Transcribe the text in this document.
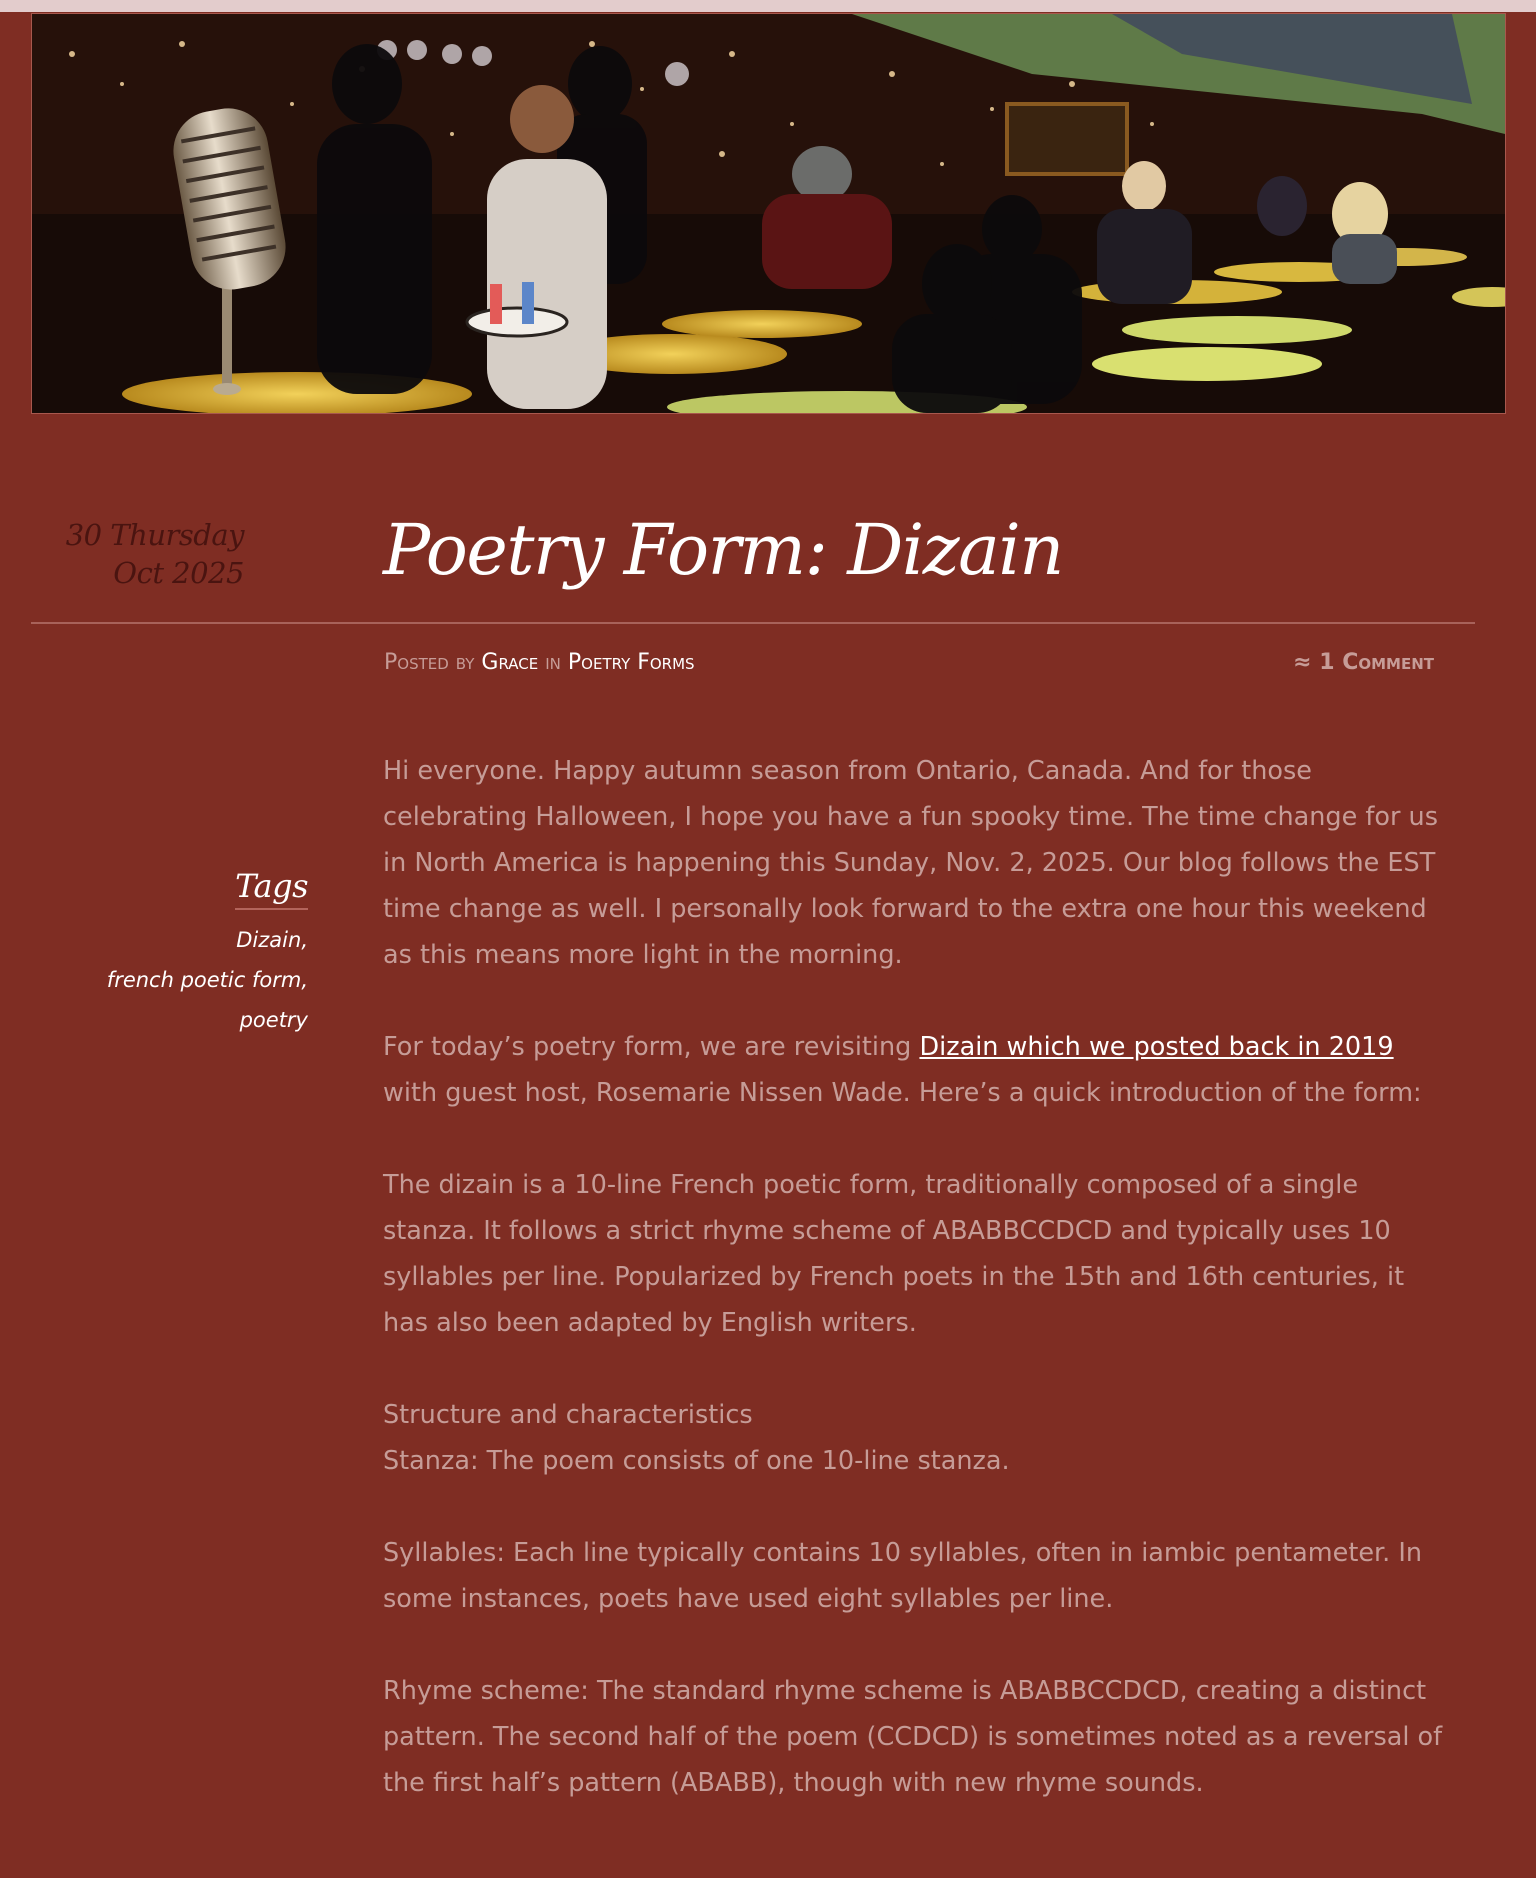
30 Thursday
Oct 2025 Poetry Form: Dizain
Posted by Grace in Poetry Forms	≈ 1 Comment
Tags
Dizain,
french poetic form, poetry

Hi everyone. Happy autumn season from Ontario, Canada. And for those celebrating Halloween, I hope you have a fun spooky time. The time change for us in North America is happening this Sunday, Nov. 2, 2025. Our blog follows the EST time change as well. I personally look forward to the extra one hour this weekend as this means more light in the morning.

For today’s poetry form, we are revisiting Dizain which we posted back in 2019 with guest host, Rosemarie Nissen Wade. Here’s a quick introduction of the form:

The dizain is a 10-line French poetic form, traditionally composed of a single stanza. It follows a strict rhyme scheme of ABABBCCDCD and typically uses 10 syllables per line. Popularized by French poets in the 15th and 16th centuries, it has also been adapted by English writers.

Structure and characteristics
Stanza: The poem consists of one 10-line stanza.

Syllables: Each line typically contains 10 syllables, often in iambic pentameter. In some instances, poets have used eight syllables per line.

Rhyme scheme: The standard rhyme scheme is ABABBCCDCD, creating a distinct pattern. The second half of the poem (CCDCD) is sometimes noted as a reversal of the first half’s pattern (ABABB), though with new rhyme sounds.
